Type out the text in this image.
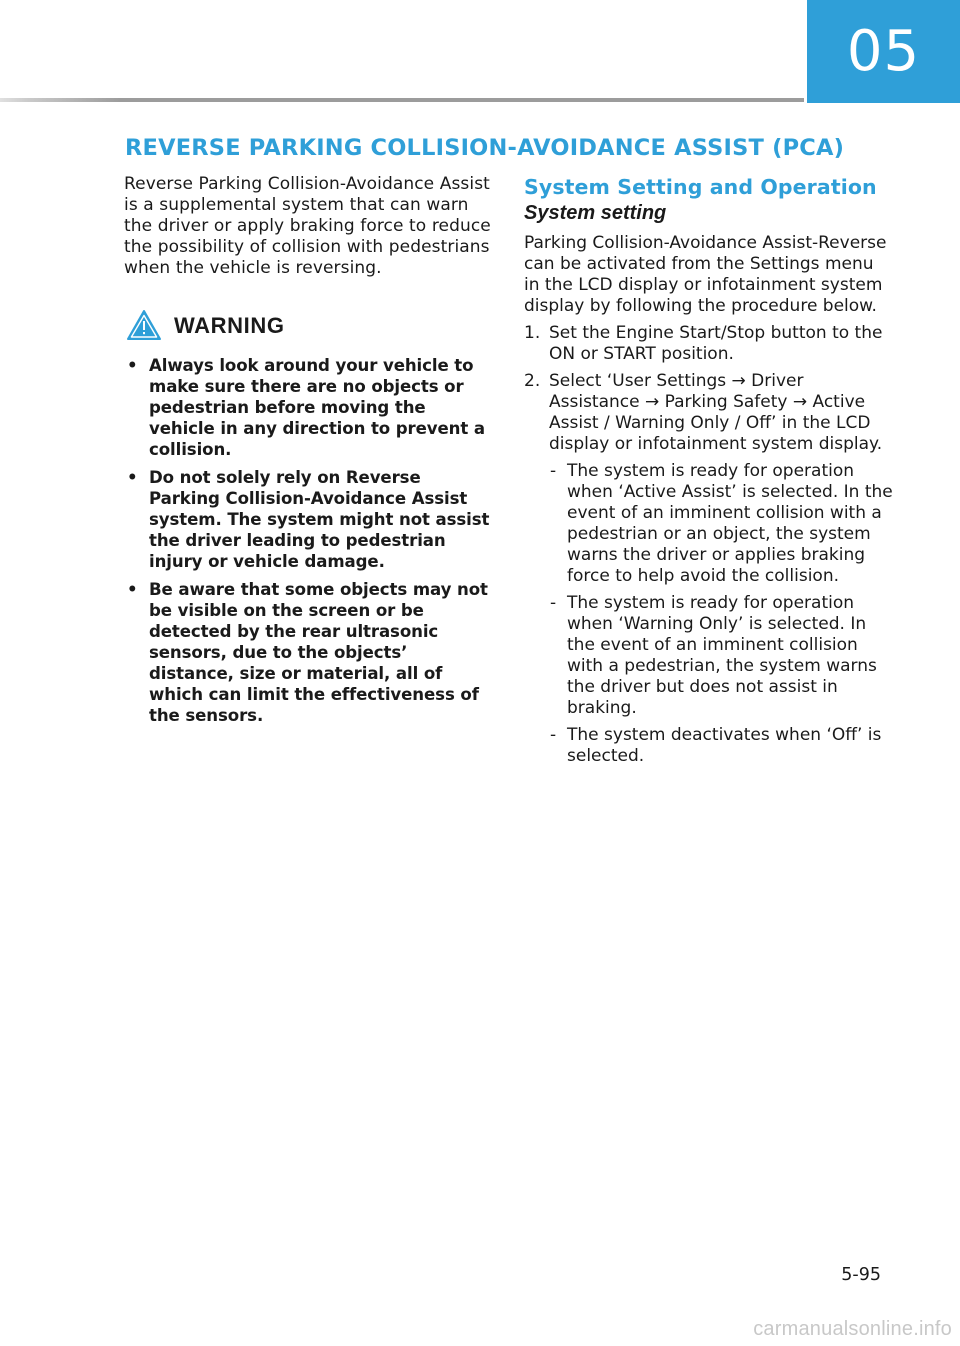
05
REVERSE PARKING COLLISION-AVOIDANCE ASSIST (PCA)

Reverse Parking Collision-Avoidance Assist is a supplemental system that can warn the driver or apply braking force to reduce the possibility of collision with pedestrians when the vehicle is reversing.

WARNING
• Always look around your vehicle to make sure there are no objects or pedestrian before moving the vehicle in any direction to prevent a collision.
• Do not solely rely on Reverse Parking Collision-Avoidance Assist system. The system might not assist the driver leading to pedestrian injury or vehicle damage.
• Be aware that some objects may not be visible on the screen or be detected by the rear ultrasonic sensors, due to the objects’ distance, size or material, all of which can limit the effectiveness of the sensors.
System Setting and Operation
System setting

Parking Collision-Avoidance Assist-Reverse can be activated from the Settings menu in the LCD display or infotainment system display by following the procedure below.

1. Set the Engine Start/Stop button to the ON or START position.
2. Select ‘User Settings → Driver Assistance → Parking Safety → Active Assist / Warning Only / Off’ in the LCD display or infotainment system display.
- The system is ready for operation when ‘Active Assist’ is selected. In the event of an imminent collision with a pedestrian or an object, the system warns the driver or applies braking force to help avoid the collision.
- The system is ready for operation when ‘Warning Only’ is selected. In the event of an imminent collision with a pedestrian, the system warns the driver but does not assist in braking.
- The system deactivates when ‘Off’ is selected.
5-95
carmanualsonline.info
